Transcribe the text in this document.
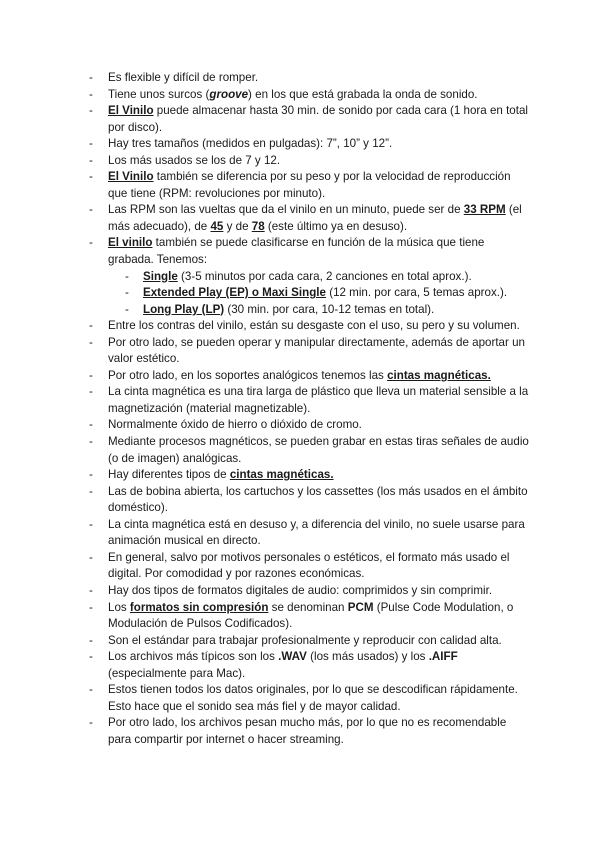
- Es flexible y difícil de romper.
- Tiene unos surcos (groove) en los que está grabada la onda de sonido.
- El Vinilo puede almacenar hasta 30 min. de sonido por cada cara (1 hora en total por disco).
- Hay tres tamaños (medidos en pulgadas): 7”, 10” y 12”.
- Los más usados se los de 7 y 12.
- El Vinilo también se diferencia por su peso y por la velocidad de reproducción que tiene (RPM: revoluciones por minuto).
- Las RPM son las vueltas que da el vinilo en un minuto, puede ser de 33 RPM (el más adecuado), de 45 y de 78 (este último ya en desuso).
- El vinilo también se puede clasificarse en función de la música que tiene grabada. Tenemos:
- Single (3-5 minutos por cada cara, 2 canciones en total aprox.).
- Extended Play (EP) o Maxi Single (12 min. por cara, 5 temas aprox.).
- Long Play (LP) (30 min. por cara, 10-12 temas en total).
- Entre los contras del vinilo, están su desgaste con el uso, su pero y su volumen.
- Por otro lado, se pueden operar y manipular directamente, además de aportar un valor estético.
- Por otro lado, en los soportes analógicos tenemos las cintas magnéticas.
- La cinta magnética es una tira larga de plástico que lleva un material sensible a la magnetización (material magnetizable).
- Normalmente óxido de hierro o dióxido de cromo.
- Mediante procesos magnéticos, se pueden grabar en estas tiras señales de audio (o de imagen) analógicas.
- Hay diferentes tipos de cintas magnéticas.
- Las de bobina abierta, los cartuchos y los cassettes (los más usados en el ámbito doméstico).
- La cinta magnética está en desuso y, a diferencia del vinilo, no suele usarse para animación musical en directo.
- En general, salvo por motivos personales o estéticos, el formato más usado el digital. Por comodidad y por razones económicas.
- Hay dos tipos de formatos digitales de audio: comprimidos y sin comprimir.
- Los formatos sin compresión se denominan PCM (Pulse Code Modulation, o Modulación de Pulsos Codificados).
- Son el estándar para trabajar profesionalmente y reproducir con calidad alta.
- Los archivos más típicos son los .WAV (los más usados) y los .AIFF (especialmente para Mac).
- Estos tienen todos los datos originales, por lo que se descodifican rápidamente. Esto hace que el sonido sea más fiel y de mayor calidad.
- Por otro lado, los archivos pesan mucho más, por lo que no es recomendable para compartir por internet o hacer streaming.
